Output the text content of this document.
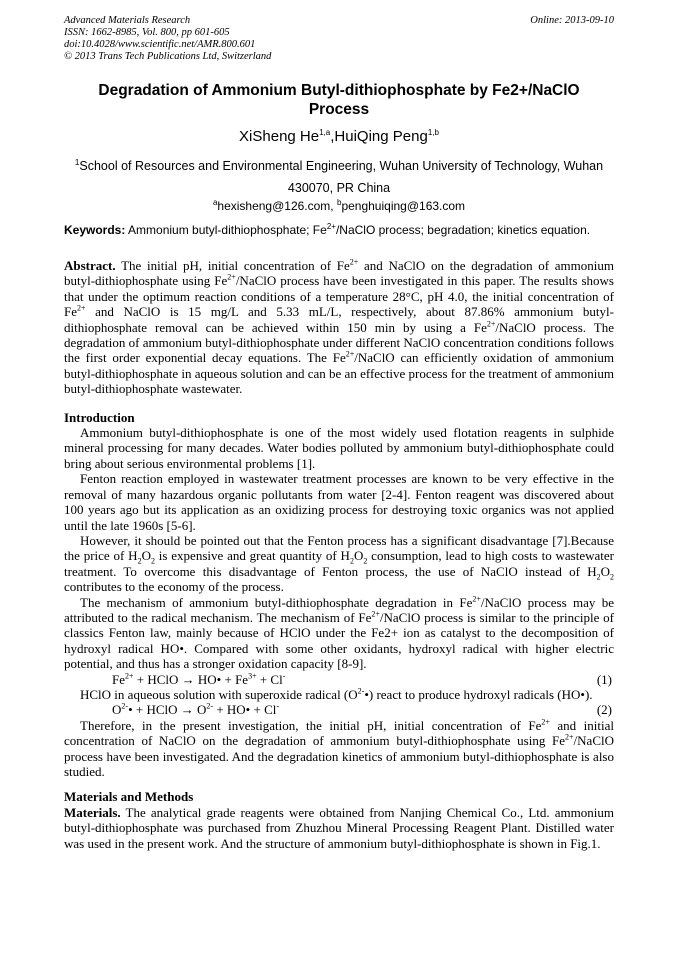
Advanced Materials Research
ISSN: 1662-8985, Vol. 800, pp 601-605
doi:10.4028/www.scientific.net/AMR.800.601
© 2013 Trans Tech Publications Ltd, Switzerland
Online: 2013-09-10
Degradation of Ammonium Butyl-dithiophosphate by Fe2+/NaClO
Process
XiSheng He$^{1,a}$,HuiQing Peng$^{1,b}$
$^1$School of Resources and Environmental Engineering, Wuhan University of Technology, Wuhan
430070, PR China
$^a$hexisheng@126.com, $^b$penghuiqing@163.com
Keywords: Ammonium butyl-dithiophosphate; $Fe^{2+}$/NaClO process; begradation; kinetics equation.

Abstract. The initial pH, initial concentration of $Fe^{2+}$ and NaClO on the degradation of ammonium butyl-dithiophosphate using $Fe^{2+}$/NaClO process have been investigated in this paper. The results shows that under the optimum reaction conditions of a temperature 28°C, pH 4.0, the initial concentration of $Fe^{2+}$ and NaClO is 15 mg/L and 5.33 mL/L, respectively, about 87.86% ammonium butyl-dithiophosphate removal can be achieved within 150 min by using a $Fe^{2+}$/NaClO process. The degradation of ammonium butyl-dithiophosphate under different NaClO concentration conditions follows the first order exponential decay equations. The $Fe^{2+}$/NaClO can efficiently oxidation of ammonium butyl-dithiophosphate in aqueous solution and can be an effective process for the treatment of ammonium butyl-dithiophosphate wastewater.

Introduction

Ammonium butyl-dithiophosphate is one of the most widely used flotation reagents in sulphide mineral processing for many decades. Water bodies polluted by ammonium butyl-dithiophosphate could bring about serious environmental problems [1].

Fenton reaction employed in wastewater treatment processes are known to be very effective in the removal of many hazardous organic pollutants from water [2-4]. Fenton reagent was discovered about 100 years ago but its application as an oxidizing process for destroying toxic organics was not applied until the late 1960s [5-6].

However, it should be pointed out that the Fenton process has a significant disadvantage [7].Because the price of $H_2O_2$ is expensive and great quantity of $H_2O_2$ consumption, lead to high costs to wastewater treatment. To overcome this disadvantage of Fenton process, the use of NaClO instead of $H_2O_2$ contributes to the economy of the process.

The mechanism of ammonium butyl-dithiophosphate degradation in $Fe^{2+}$/NaClO process may be attributed to the radical mechanism. The mechanism of $Fe^{2+}$/NaClO process is similar to the principle of classics Fenton law, mainly because of HClO under the Fe2+ ion as catalyst to the decomposition of hydroxyl radical HO•. Compared with some other oxidants, hydroxyl radical with higher electric potential, and thus has a stronger oxidation capacity [8-9].

$Fe^{2+}$ + HClO → HO• + $Fe^{3+} + Cl^-$	(1)

HClO in aqueous solution with superoxide radical $(O^{2-}•)$ react to produce hydroxyl radicals (HO•).

$O^{2-}•$ + HClO → $O^{2-}$ + HO• + Cl-	(2)

Therefore, in the present investigation, the initial pH, initial concentration of $Fe^{2+}$ and initial concentration of NaClO on the degradation of ammonium butyl-dithiophosphate using $Fe^{2+}$/NaClO process have been investigated. And the degradation kinetics of ammonium butyl-dithiophosphate is also studied.

Materials and Methods

Materials. The analytical grade reagents were obtained from Nanjing Chemical Co., Ltd. ammonium butyl-dithiophosphate was purchased from Zhuzhou Mineral Processing Reagent Plant. Distilled water was used in the present work. And the structure of ammonium butyl-dithiophosphate is shown in Fig.1.
